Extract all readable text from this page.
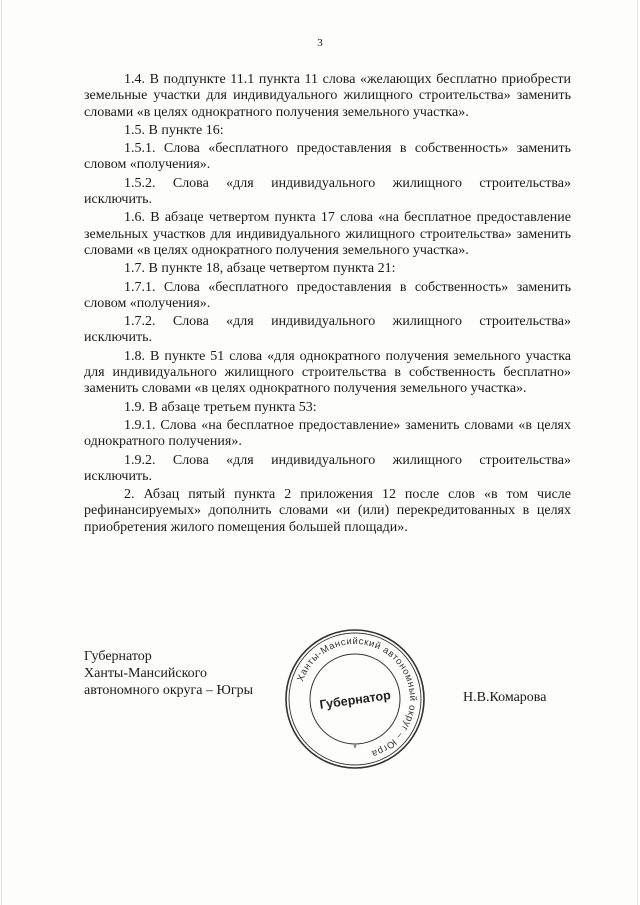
3

1.4. В подпункте 11.1 пункта 11 слова «желающих бесплатно приобрести земельные участки для индивидуального жилищного строительства» заменить словами «в целях однократного получения земельного участка».

1.5. В пункте 16:

1.5.1. Слова «бесплатного предоставления в собственность» заменить словом «получения».

1.5.2. Слова «для индивидуального жилищного строительства» исключить.

1.6. В абзаце четвертом пункта 17 слова «на бесплатное предоставление земельных участков для индивидуального жилищного строительства» заменить словами «в целях однократного получения земельного участка».

1.7. В пункте 18, абзаце четвертом пункта 21:

1.7.1. Слова «бесплатного предоставления в собственность» заменить словом «получения».

1.7.2. Слова «для индивидуального жилищного строительства» исключить.

1.8. В пункте 51 слова «для однократного получения земельного участка для индивидуального жилищного строительства в собственность бесплатно» заменить словами «в целях однократного получения земельного участка».

1.9. В абзаце третьем пункта 53:

1.9.1. Слова «на бесплатное предоставление» заменить словами «в целях однократного получения».

1.9.2. Слова «для индивидуального жилищного строительства» исключить.

2. Абзац пятый пункта 2 приложения 12 после слов «в том числе рефинансируемых» дополнить словами «и (или) перекредитованных в целях приобретения жилого помещения большей площади».

Губернатор
Ханты-Мансийского
автономного округа – Югры
Ханты-Мансийский автономный округ – Югра
Губернатор
*
Н.В.Комарова
